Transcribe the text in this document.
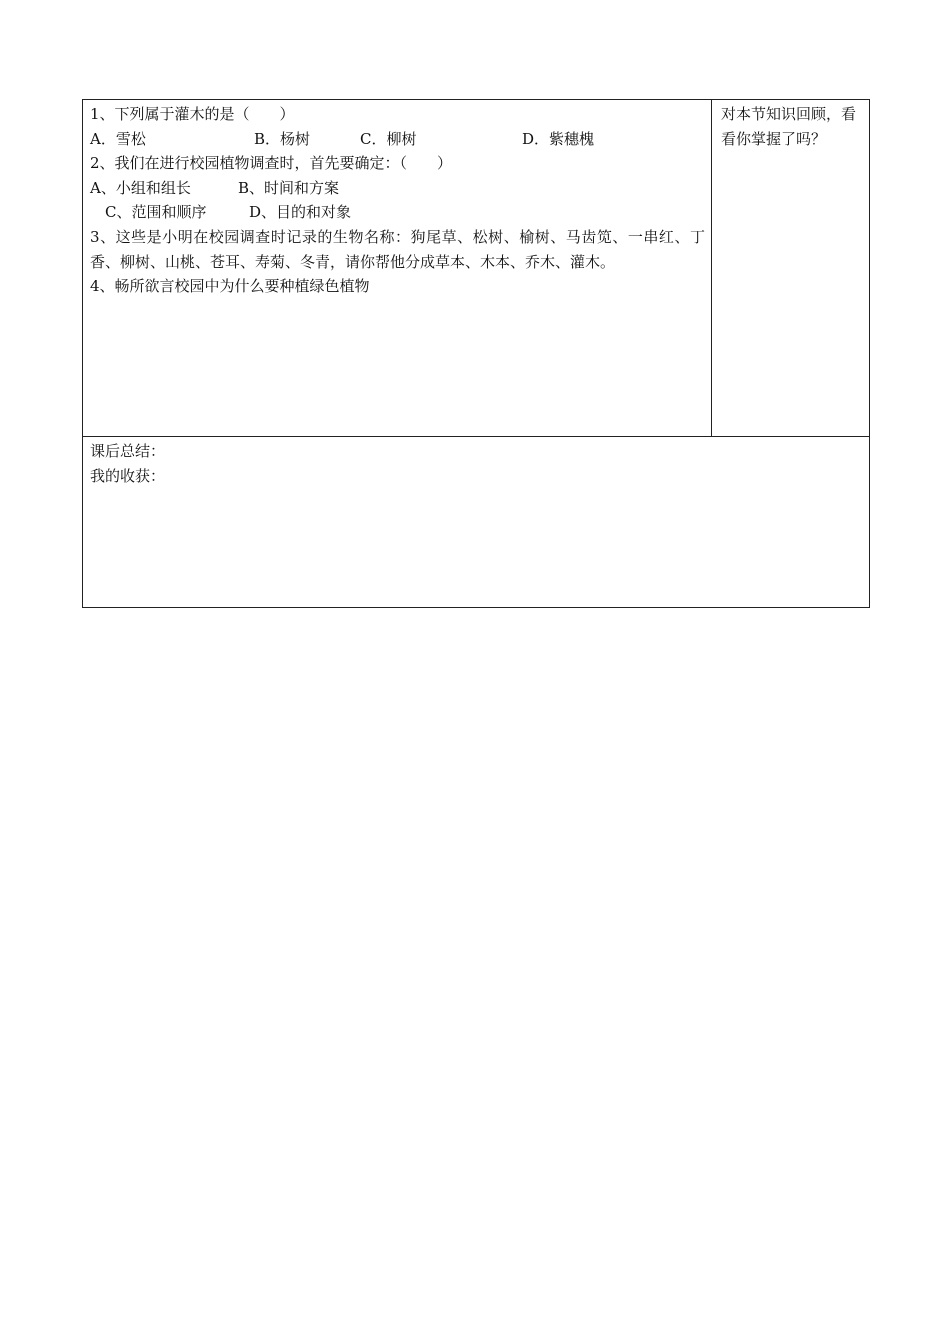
1、下列属于灌木的是（　　）
A．雪松	B．杨树	C．柳树	D．紫穗槐
2、我们在进行校园植物调查时，首先要确定：（　　）
A、小组和组长	B、时间和方案
C、范围和顺序	D、目的和对象
3、这些是小明在校园调查时记录的生物名称：狗尾草、松树、榆树、马齿笕、一串红、丁香、柳树、山桃、苍耳、寿菊、冬青，请你帮他分成草本、木本、乔木、灌木。
4、畅所欲言校园中为什么要种植绿色植物

对本节知识回顾，看看你掌握了吗？

课后总结：
我的收获：
